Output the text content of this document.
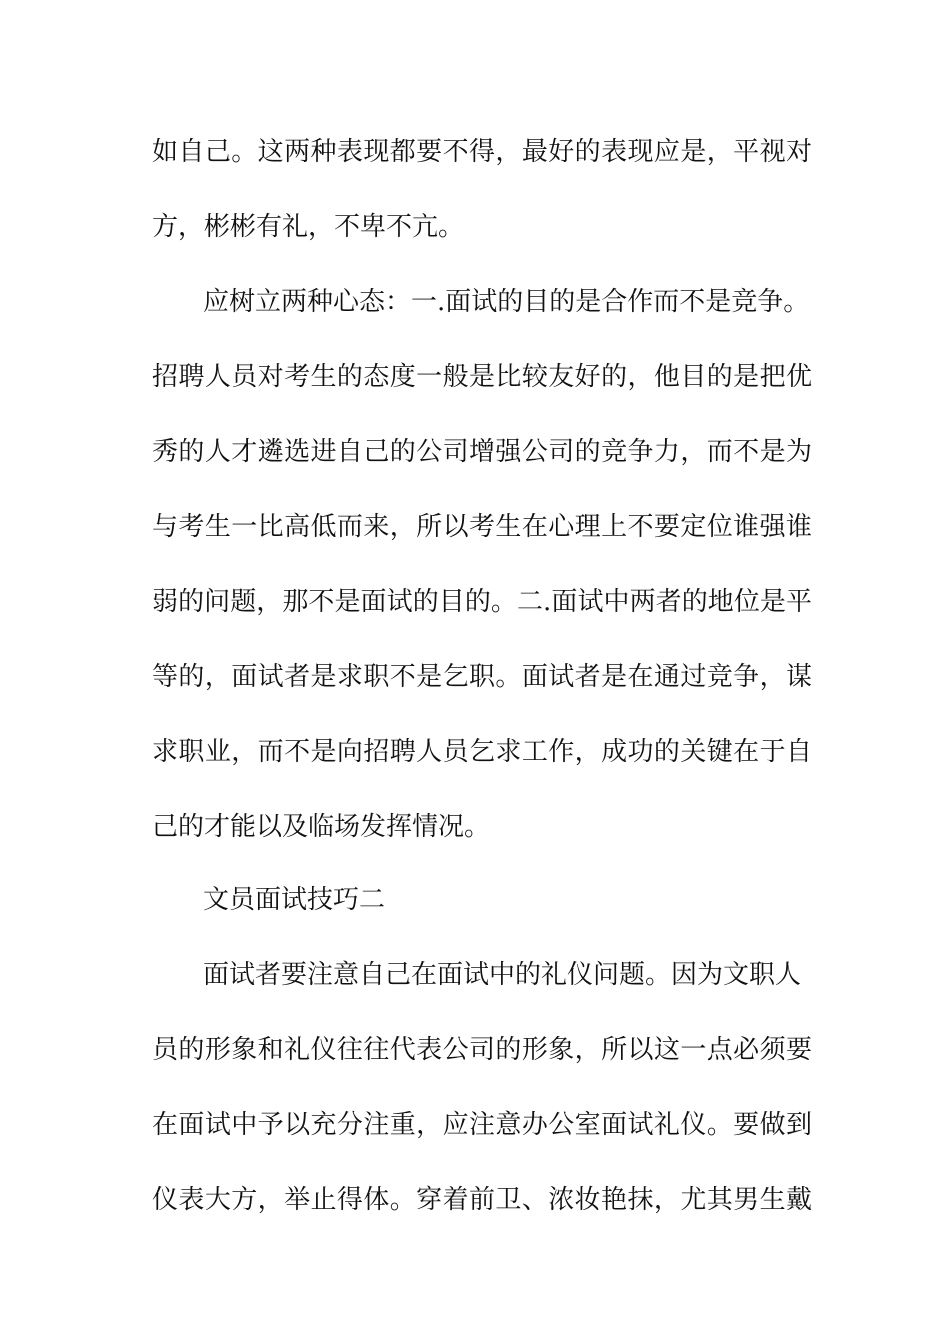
如自己。这两种表现都要不得，最好的表现应是，平视对
方，彬彬有礼，不卑不亢。
应树立两种心态：一.面试的目的是合作而不是竞争。
招聘人员对考生的态度一般是比较友好的，他目的是把优
秀的人才遴选进自己的公司增强公司的竞争力，而不是为
与考生一比高低而来，所以考生在心理上不要定位谁强谁
弱的问题，那不是面试的目的。二.面试中两者的地位是平
等的，面试者是求职不是乞职。面试者是在通过竞争，谋
求职业，而不是向招聘人员乞求工作，成功的关键在于自
己的才能以及临场发挥情况。
文员面试技巧二
面试者要注意自己在面试中的礼仪问题。因为文职人
员的形象和礼仪往往代表公司的形象，所以这一点必须要
在面试中予以充分注重，应注意办公室面试礼仪。要做到
仪表大方，举止得体。穿着前卫、浓妆艳抹，尤其男生戴
